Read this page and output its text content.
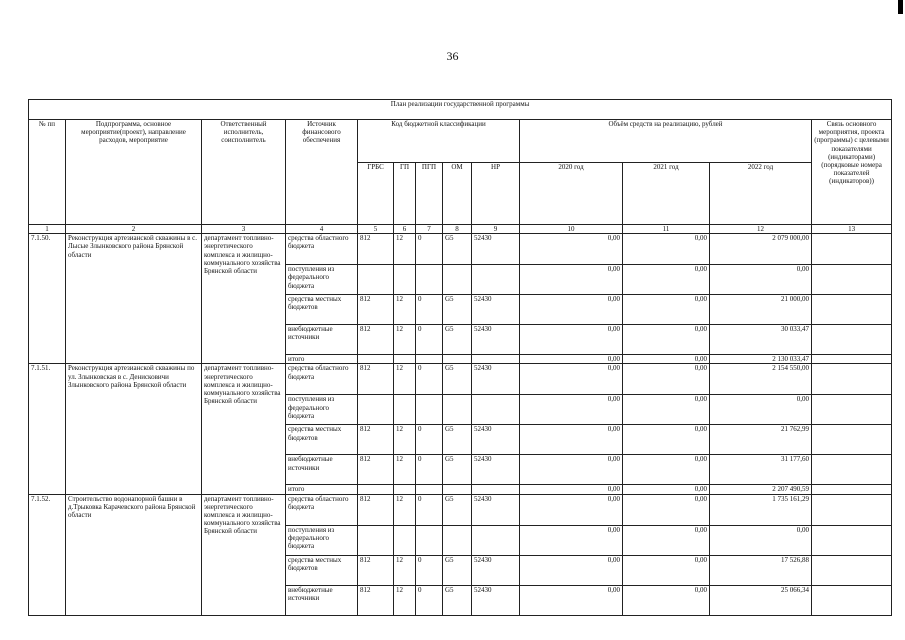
36
План реализации государственной программы												
№ пп	Подпрограмма, основное мероприятие(проект), направление расходов, мероприятие	Ответственный исполнитель, соисполнитель	Источник финансового обеспечения	Код бюджетной классификации					Объём средств на реализацию, рублей			Связь основного мероприятия, проекта (программы) с целевыми показателями (индикаторами) (порядковые номера показателей (индикаторов))
				ГРБС	ГП	ПГП	ОМ	НР	2020 год	2021 год	2022 год	
1	2	3	4	5	6	7	8	9	10	11	12	13
7.1.50.	Реконструкция артезианской скважины в с. Лысые Злынковского района Брянской области	департамент топливно-энергетического комплекса и жилищно-коммунального хозяйства Брянской области	средства областного бюджета	812	12	0	G5	52430	0,00	0,00	2 079 000,00	
			поступления из федерального бюджета						0,00	0,00	0,00	
			средства местных бюджетов	812	12	0	G5	52430	0,00	0,00	21 000,00	
			внебюджетные источники	812	12	0	G5	52430	0,00	0,00	30 033,47	
			итого						0,00	0,00	2 130 033,47	
7.1.51.	Реконструкция артезианской скважины по ул. Злынковская в с. Денисковичи Злынковского района Брянской области	департамент топливно-энергетического комплекса и жилищно-коммунального хозяйства Брянской области	средства областного бюджета	812	12	0	G5	52430	0,00	0,00	2 154 550,00	
			поступления из федерального бюджета						0,00	0,00	0,00	
			средства местных бюджетов	812	12	0	G5	52430	0,00	0,00	21 762,99	
			внебюджетные источники	812	12	0	G5	52430	0,00	0,00	31 177,60	
			итого						0,00	0,00	2 207 490,59	
7.1.52.	Строительство водонапорной башни в д.Трыковка Карачевского района Брянской области	департамент топливно-энергетического комплекса и жилищно-коммунального хозяйства Брянской области	средства областного бюджета	812	12	0	G5	52430	0,00	0,00	1 735 161,29	
			поступления из федерального бюджета						0,00	0,00	0,00	
			средства местных бюджетов	812	12	0	G5	52430	0,00	0,00	17 526,88	
			внебюджетные источники	812	12	0	G5	52430	0,00	0,00	25 066,34	
